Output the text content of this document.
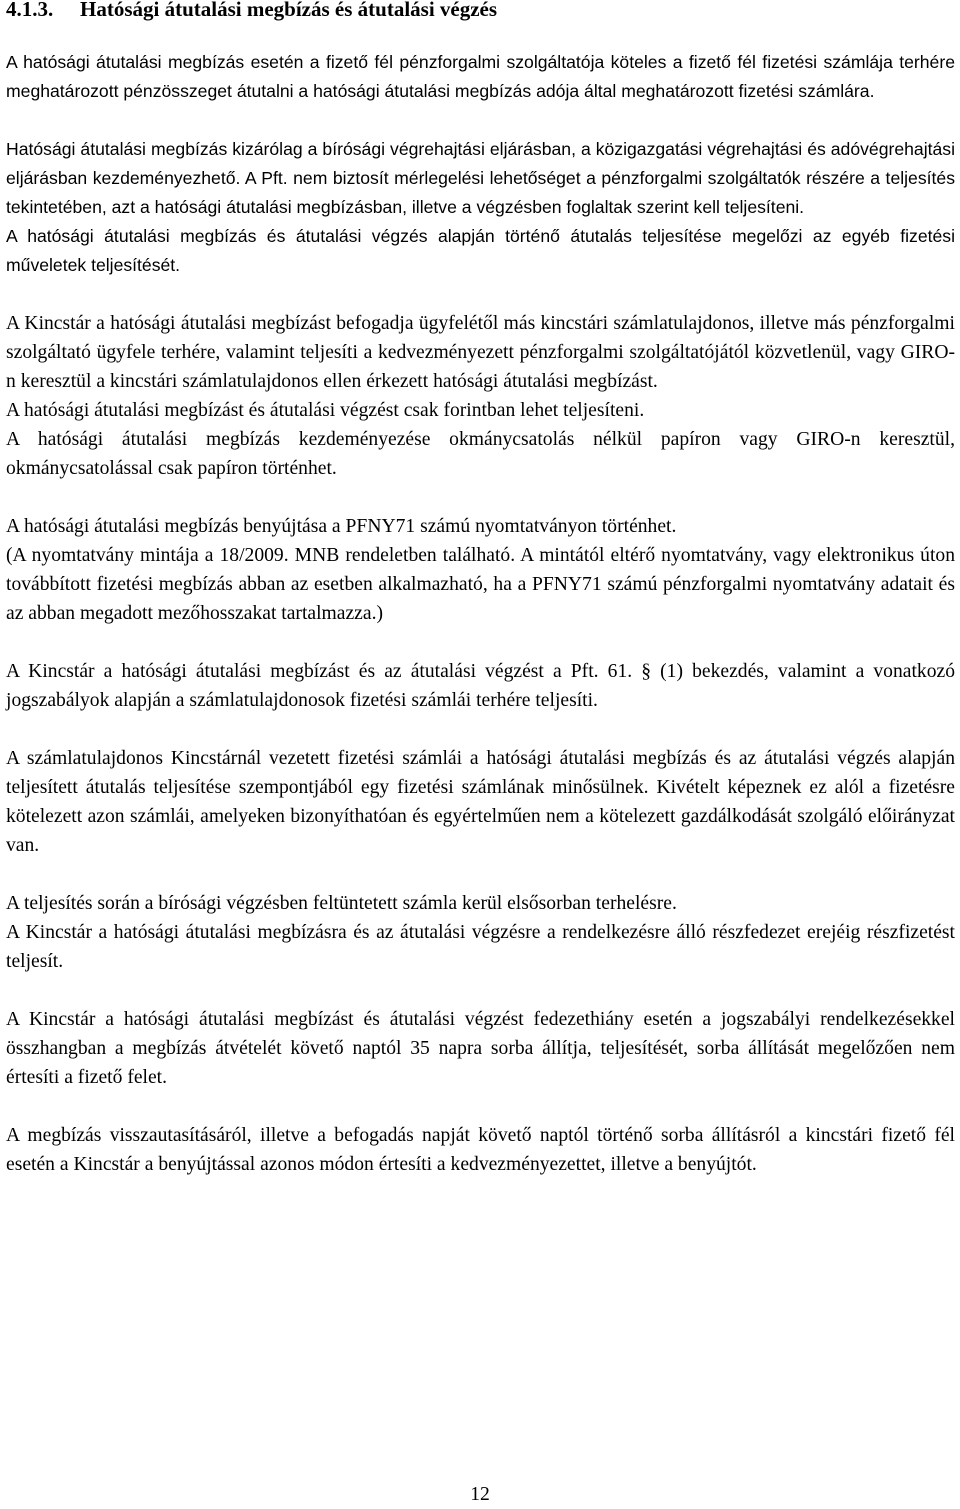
4.1.3. Hatósági átutalási megbízás és átutalási végzés

A hatósági átutalási megbízás esetén a fizető fél pénzforgalmi szolgáltatója köteles a fizető fél fizetési számlája terhére meghatározott pénzösszeget átutalni a hatósági átutalási megbízás adója által meghatározott fizetési számlára.

Hatósági átutalási megbízás kizárólag a bírósági végrehajtási eljárásban, a közigazgatási végrehajtási és adóvégrehajtási eljárásban kezdeményezhető. A Pft. nem biztosít mérlegelési lehetőséget a pénzforgalmi szolgáltatók részére a teljesítés tekintetében, azt a hatósági átutalási megbízásban, illetve a végzésben foglaltak szerint kell teljesíteni.

A hatósági átutalási megbízás és átutalási végzés alapján történő átutalás teljesítése megelőzi az egyéb fizetési műveletek teljesítését.

A Kincstár a hatósági átutalási megbízást befogadja ügyfelétől más kincstári számlatulajdonos, illetve más pénzforgalmi szolgáltató ügyfele terhére, valamint teljesíti a kedvezményezett pénzforgalmi szolgáltatójától közvetlenül, vagy GIRO-n keresztül a kincstári számlatulajdonos ellen érkezett hatósági átutalási megbízást.

A hatósági átutalási megbízást és átutalási végzést csak forintban lehet teljesíteni.

A hatósági átutalási megbízás kezdeményezése okmánycsatolás nélkül papíron vagy GIRO-n keresztül, okmánycsatolással csak papíron történhet.

A hatósági átutalási megbízás benyújtása a PFNY71 számú nyomtatványon történhet.

(A nyomtatvány mintája a 18/2009. MNB rendeletben található. A mintától eltérő nyomtatvány, vagy elektronikus úton továbbított fizetési megbízás abban az esetben alkalmazható, ha a PFNY71 számú pénzforgalmi nyomtatvány adatait és az abban megadott mezőhosszakat tartalmazza.)

A Kincstár a hatósági átutalási megbízást és az átutalási végzést a Pft. 61. § (1) bekezdés, valamint a vonatkozó jogszabályok alapján a számlatulajdonosok fizetési számlái terhére teljesíti.

A számlatulajdonos Kincstárnál vezetett fizetési számlái a hatósági átutalási megbízás és az átutalási végzés alapján teljesített átutalás teljesítése szempontjából egy fizetési számlának minősülnek. Kivételt képeznek ez alól a fizetésre kötelezett azon számlái, amelyeken bizonyíthatóan és egyértelműen nem a kötelezett gazdálkodását szolgáló előirányzat van.

A teljesítés során a bírósági végzésben feltüntetett számla kerül elsősorban terhelésre.

A Kincstár a hatósági átutalási megbízásra és az átutalási végzésre a rendelkezésre álló részfedezet erejéig részfizetést teljesít.

A Kincstár a hatósági átutalási megbízást és átutalási végzést fedezethiány esetén a jogszabályi rendelkezésekkel összhangban a megbízás átvételét követő naptól 35 napra sorba állítja, teljesítését, sorba állítását megelőzően nem értesíti a fizető felet.

A megbízás visszautasításáról, illetve a befogadás napját követő naptól történő sorba állításról a kincstári fizető fél esetén a Kincstár a benyújtással azonos módon értesíti a kedvezményezettet, illetve a benyújtót.

12
